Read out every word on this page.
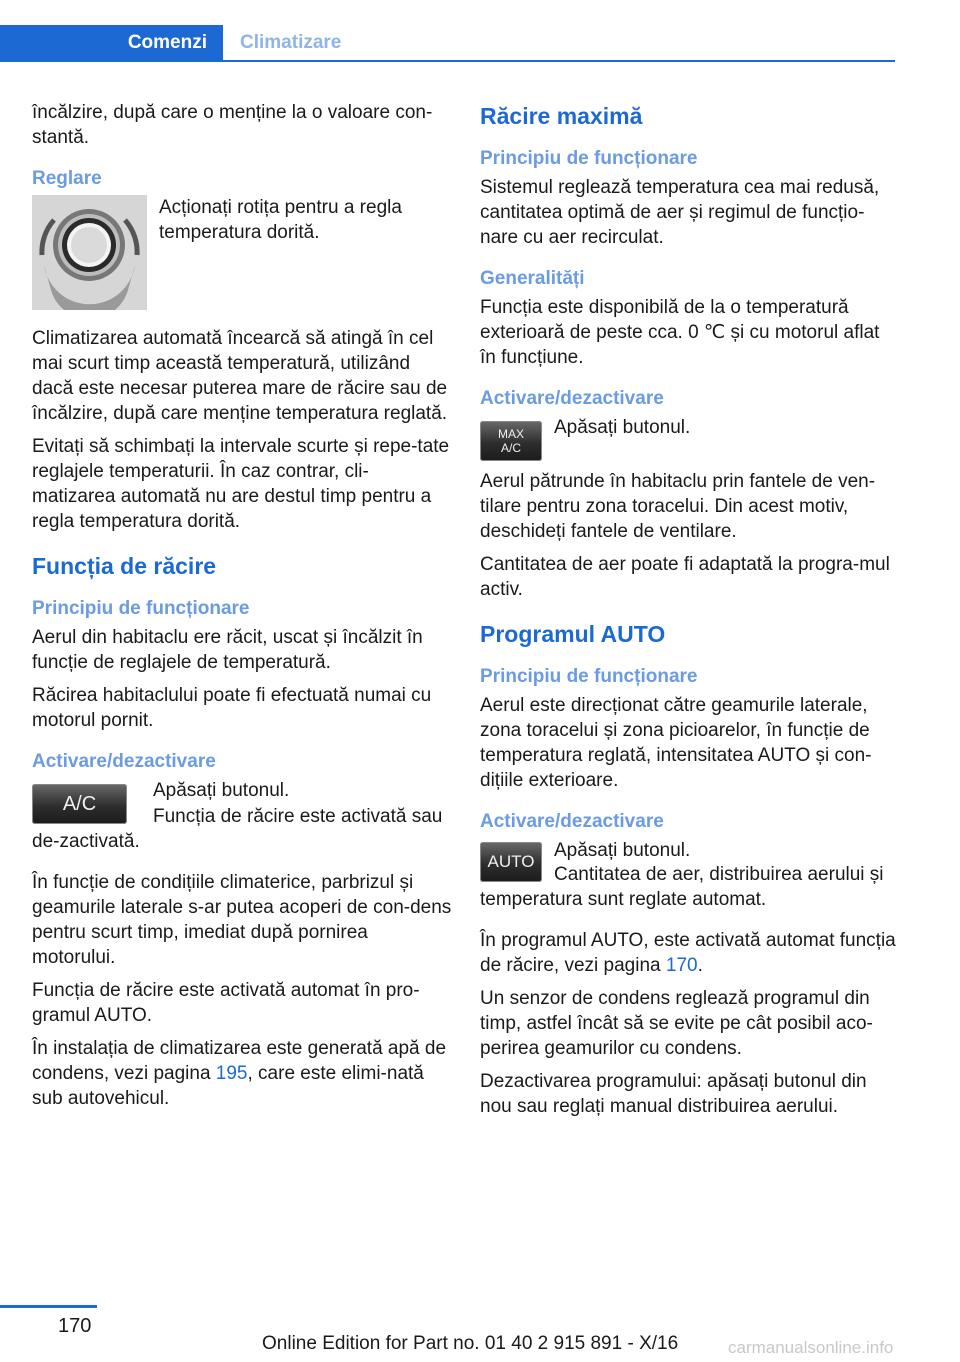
Comenzi Climatizare

încălzire, după care o menține la o valoare con-stantă.

Reglare

Acționați rotița pentru a regla temperatura dorită.

Climatizarea automată încearcă să atingă în cel mai scurt timp această temperatură, utilizând dacă este necesar puterea mare de răcire sau de încălzire, după care menține temperatura reglată.

Evitați să schimbați la intervale scurte și repe-tate reglajele temperaturii. În caz contrar, cli-matizarea automată nu are destul timp pentru a regla temperatura dorită.

Funcția de răcire
Principiu de funcționare

Aerul din habitaclu ere răcit, uscat și încălzit în funcție de reglajele de temperatură.

Răcirea habitaclului poate fi efectuată numai cu motorul pornit.

Activare/dezactivare
A/C

Apăsați butonul.

Funcția de răcire este activată sau de-zactivată.

În funcție de condițiile climaterice, parbrizul și geamurile laterale s-ar putea acoperi de con-dens pentru scurt timp, imediat după pornirea motorului.

Funcția de răcire este activată automat în pro-gramul AUTO.

În instalația de climatizarea este generată apă de condens, vezi pagina 195, care este elimi-nată sub autovehicul.

Răcire maximă
Principiu de funcționare

Sistemul reglează temperatura cea mai redusă, cantitatea optimă de aer și regimul de funcțio-nare cu aer recirculat.

Generalități

Funcția este disponibilă de la o temperatură exterioară de peste cca. 0 ℃ și cu motorul aflat în funcțiune.

Activare/dezactivare
MAX
A/C

Apăsați butonul.

Aerul pătrunde în habitaclu prin fantele de ven-tilare pentru zona toracelui. Din acest motiv, deschideți fantele de ventilare.

Cantitatea de aer poate fi adaptată la progra-mul activ.

Programul AUTO
Principiu de funcționare

Aerul este direcționat către geamurile laterale, zona toracelui și zona picioarelor, în funcție de temperatura reglată, intensitatea AUTO și con-dițiile exterioare.

Activare/dezactivare
AUTO

Apăsați butonul.

Cantitatea de aer, distribuirea aerului și temperatura sunt reglate automat.

În programul AUTO, este activată automat funcția de răcire, vezi pagina 170.

Un senzor de condens reglează programul din timp, astfel încât să se evite pe cât posibil aco-perirea geamurilor cu condens.

Dezactivarea programului: apăsați butonul din nou sau reglați manual distribuirea aerului.

170
Online Edition for Part no. 01 40 2 915 891 - X/16	carmanualsonline.info
